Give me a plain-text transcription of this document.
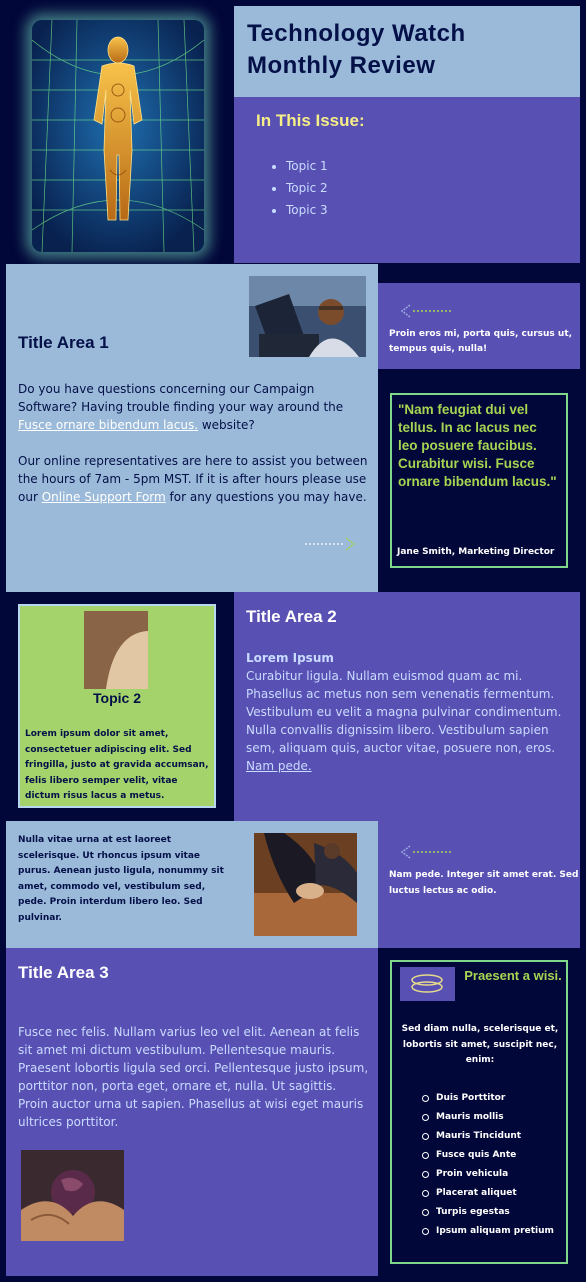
Technology Watch
Monthly Review
In This Issue:
• Topic 1
• Topic 2
• Topic 3
Title Area 1
Do you have questions concerning our Campaign Software? Having trouble finding your way around the Fusce ornare bibendum lacus. website?

Our online representatives are here to assist you between the hours of 7am - 5pm MST. If it is after hours please use our Online Support Form for any questions you may have.
Proin eros mi, porta quis, cursus ut, tempus quis, nulla!
"Nam feugiat dui vel tellus. In ac lacus nec leo posuere faucibus. Curabitur wisi. Fusce ornare bibendum lacus."
Jane Smith, Marketing Director
Topic 2
Lorem ipsum dolor sit amet, consectetuer adipiscing elit. Sed fringilla, justo at gravida accumsan, felis libero semper velit, vitae dictum risus lacus a metus.
Title Area 2
Lorem Ipsum
Curabitur ligula. Nullam euismod quam ac mi. Phasellus ac metus non sem venenatis fermentum. Vestibulum eu velit a magna pulvinar condimentum. Nulla convallis dignissim libero. Vestibulum sapien sem, aliquam quis, auctor vitae, posuere non, eros. Nam pede.
Nulla vitae urna at est laoreet scelerisque. Ut rhoncus ipsum vitae purus. Aenean justo ligula, nonummy sit amet, commodo vel, vestibulum sed, pede. Proin interdum libero leo. Sed pulvinar.
Nam pede. Integer sit amet erat. Sed luctus lectus ac odio.
Title Area 3
Fusce nec felis. Nullam varius leo vel elit. Aenean at felis sit amet mi dictum vestibulum. Pellentesque mauris. Praesent lobortis ligula sed orci. Pellentesque justo ipsum, porttitor non, porta eget, ornare et, nulla. Ut sagittis. Proin auctor urna ut sapien. Phasellus at wisi eget mauris ultrices porttitor.
Praesent a wisi.
Sed diam nulla, scelerisque et, lobortis sit amet, suscipit nec, enim:
Duis Porttitor
Mauris mollis
Mauris Tincidunt
Fusce quis Ante
Proin vehicula
Placerat aliquet
Turpis egestas
Ipsum aliquam pretium
